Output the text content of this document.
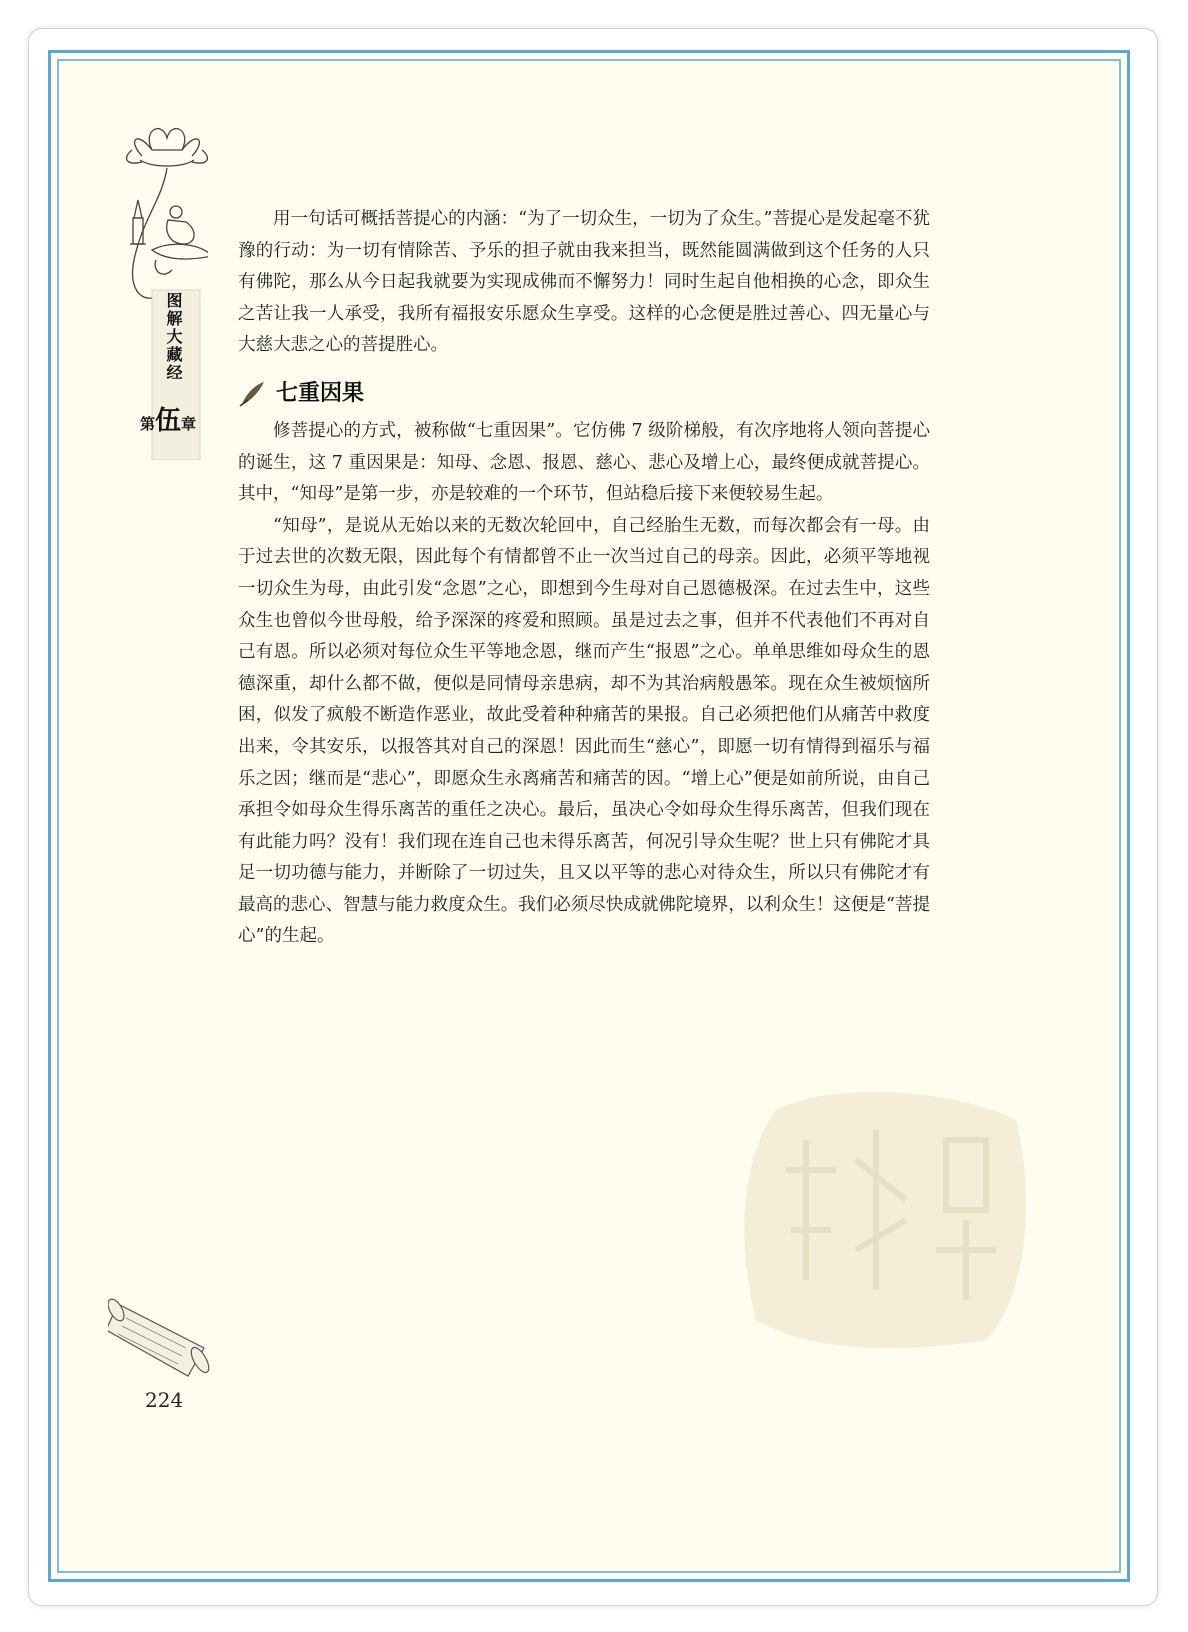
图解大藏经
第伍章

用一句话可概括菩提心的内涵：“为了一切众生，一切为了众生。”菩提心是发起毫不犹豫的行动：为一切有情除苦、予乐的担子就由我来担当，既然能圆满做到这个任务的人只有佛陀，那么从今日起我就要为实现成佛而不懈努力！同时生起自他相换的心念，即众生之苦让我一人承受，我所有福报安乐愿众生享受。这样的心念便是胜过善心、四无量心与大慈大悲之心的菩提胜心。

七重因果

修菩提心的方式，被称做“七重因果”。它仿佛 7 级阶梯般，有次序地将人领向菩提心的诞生，这 7 重因果是：知母、念恩、报恩、慈心、悲心及增上心，最终便成就菩提心。其中，“知母”是第一步，亦是较难的一个环节，但站稳后接下来便较易生起。

“知母”，是说从无始以来的无数次轮回中，自己经胎生无数，而每次都会有一母。由于过去世的次数无限，因此每个有情都曾不止一次当过自己的母亲。因此，必须平等地视一切众生为母，由此引发“念恩”之心，即想到今生母对自己恩德极深。在过去生中，这些众生也曾似今世母般，给予深深的疼爱和照顾。虽是过去之事，但并不代表他们不再对自己有恩。所以必须对每位众生平等地念恩，继而产生“报恩”之心。单单思维如母众生的恩德深重，却什么都不做，便似是同情母亲患病，却不为其治病般愚笨。现在众生被烦恼所困，似发了疯般不断造作恶业，故此受着种种痛苦的果报。自己必须把他们从痛苦中救度出来，令其安乐，以报答其对自己的深恩！因此而生“慈心”，即愿一切有情得到福乐与福乐之因；继而是“悲心”，即愿众生永离痛苦和痛苦的因。“增上心”便是如前所说，由自己承担令如母众生得乐离苦的重任之决心。最后，虽决心令如母众生得乐离苦，但我们现在有此能力吗？没有！我们现在连自己也未得乐离苦，何况引导众生呢？世上只有佛陀才具足一切功德与能力，并断除了一切过失，且又以平等的悲心对待众生，所以只有佛陀才有最高的悲心、智慧与能力救度众生。我们必须尽快成就佛陀境界，以利众生！这便是“菩提心”的生起。

224
